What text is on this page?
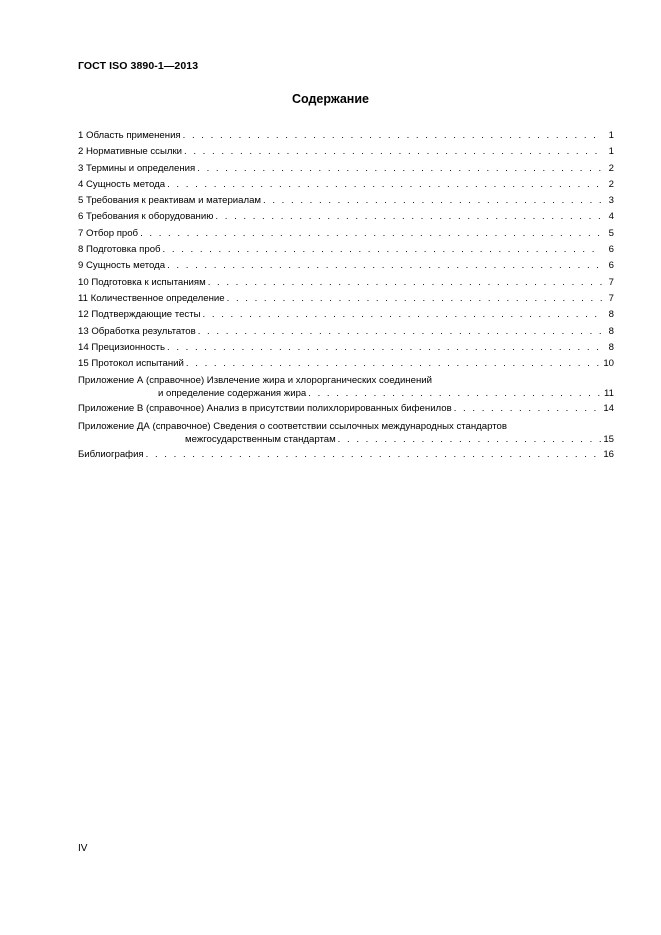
ГОСТ ISO 3890-1—2013
Содержание
1 Область применения . . .	1
2 Нормативные ссылки . . .	1
3 Термины и определения . . .	2
4 Сущность метода . . .	2
5 Требования к реактивам и материалам . . .	3
6 Требования к оборудованию . . .	4
7 Отбор проб . . .	5
8 Подготовка проб . . .	6
9 Сущность метода . . .	6
10 Подготовка к испытаниям . . .	7
11 Количественное определение . . .	7
12 Подтверждающие тесты . . .	8
13 Обработка результатов . . .	8
14 Прецизионность . . .	8
15 Протокол испытаний . . .	10
Приложение А (справочное) Извлечение жира и хлорорганических соединений
и определение содержания жира . . .	11
Приложение В (справочное) Анализ в присутствии полихлорированных бифенилов . . .	14
Приложение ДА (справочное) Сведения о соответствии ссылочных международных стандартов
межгосударственным стандартам . . .	15
Библиография . . .	16
IV
